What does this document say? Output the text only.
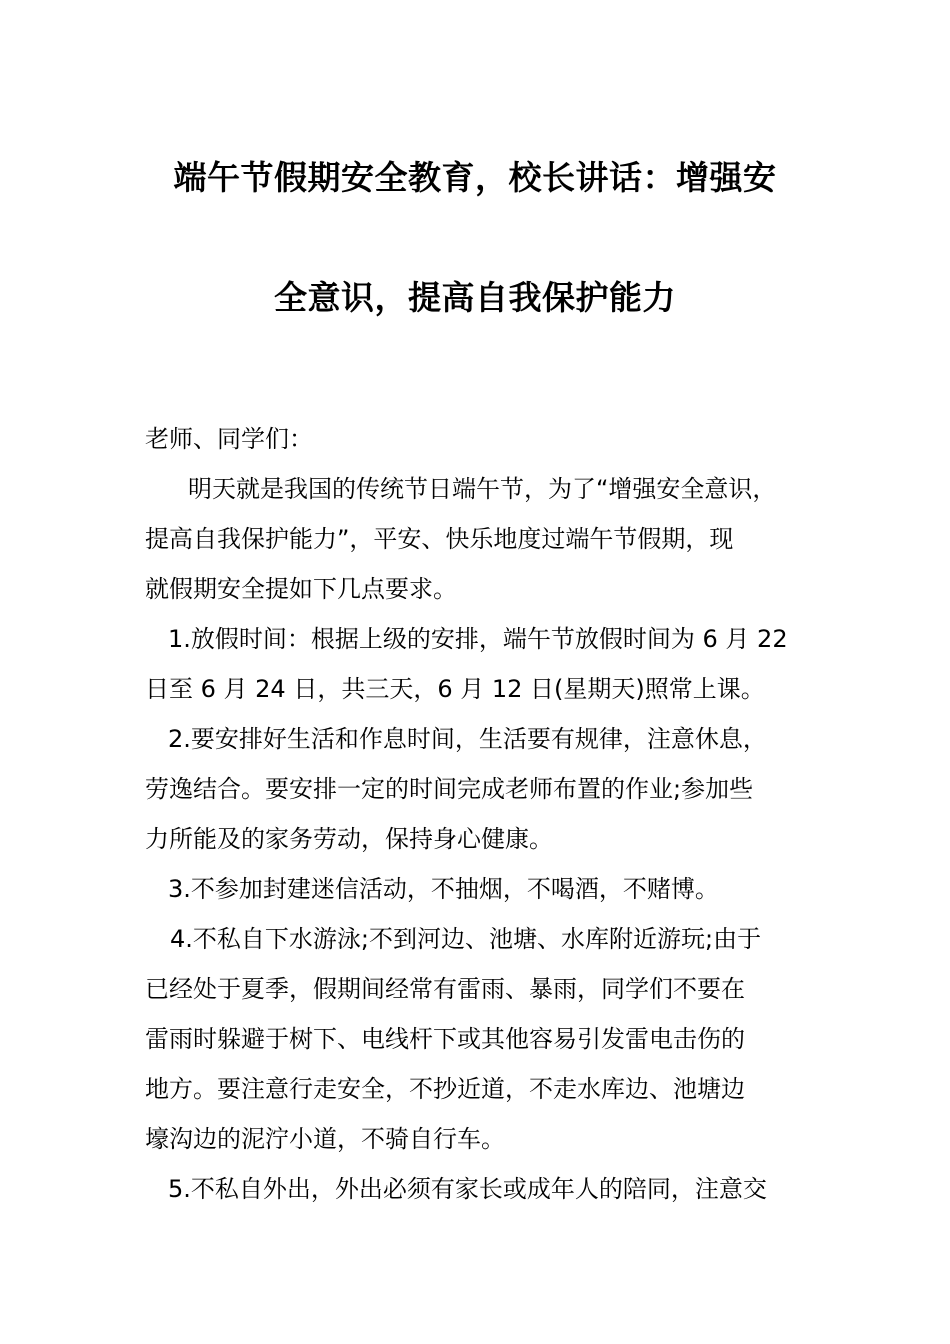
端午节假期安全教育，校长讲话：增强安
全意识，提高自我保护能力
老师、同学们：
明天就是我国的传统节日端午节，为了“增强安全意识，
提高自我保护能力”，平安、快乐地度过端午节假期，现
就假期安全提如下几点要求。
1.放假时间：根据上级的安排，端午节放假时间为 6 月 22
日至 6 月 24 日，共三天，6 月 12 日(星期天)照常上课。
2.要安排好生活和作息时间，生活要有规律，注意休息，
劳逸结合。要安排一定的时间完成老师布置的作业;参加些
力所能及的家务劳动，保持身心健康。
3.不参加封建迷信活动，不抽烟，不喝酒，不赌博。
4.不私自下水游泳;不到河边、池塘、水库附近游玩;由于
已经处于夏季，假期间经常有雷雨、暴雨，同学们不要在
雷雨时躲避于树下、电线杆下或其他容易引发雷电击伤的
地方。要注意行走安全，不抄近道，不走水库边、池塘边
壕沟边的泥泞小道，不骑自行车。
5.不私自外出，外出必须有家长或成年人的陪同，注意交
